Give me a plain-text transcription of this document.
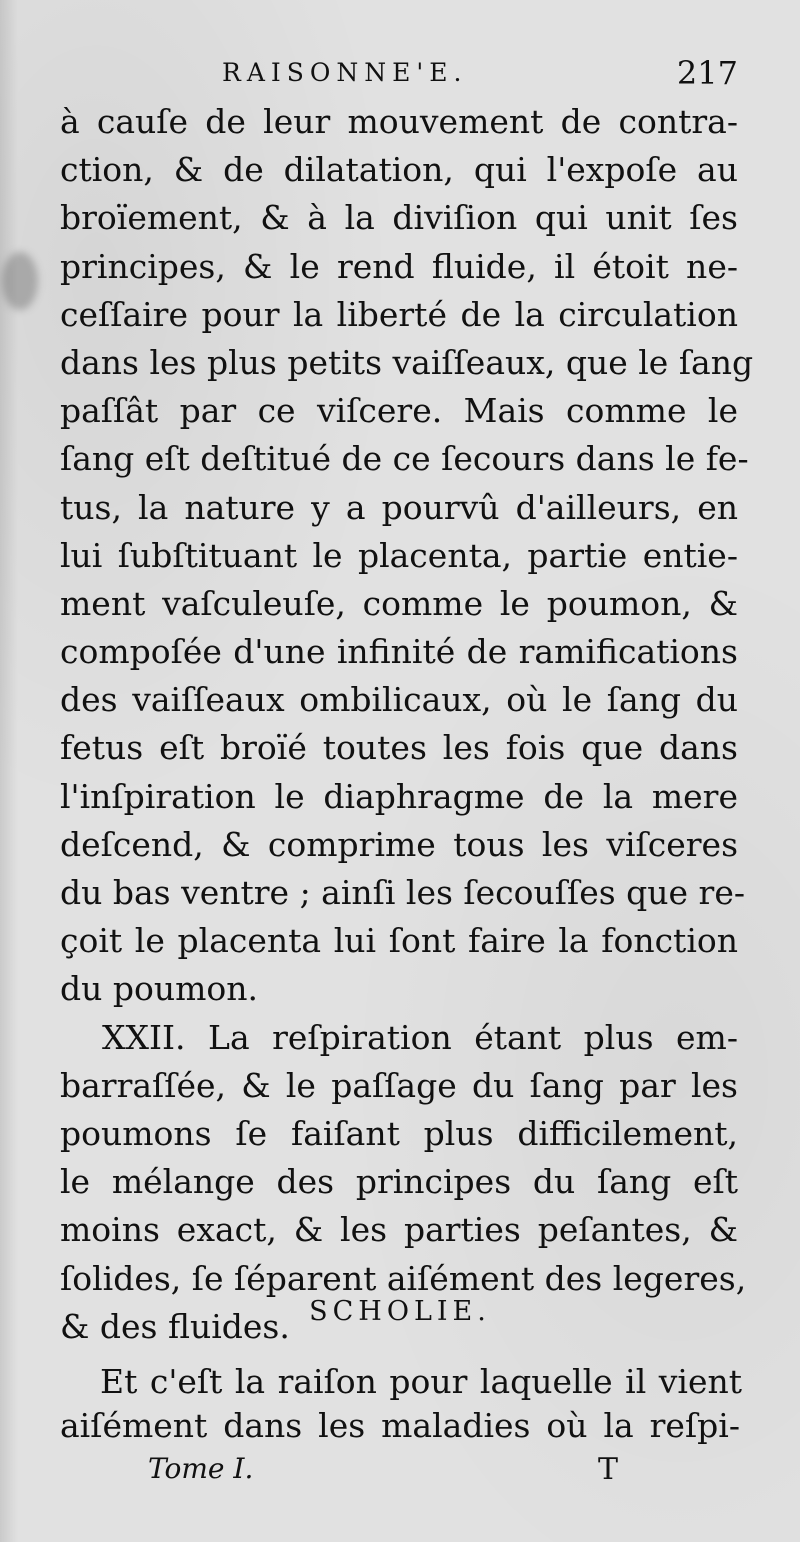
RAISONNE'E.	217
à cauſe de leur mouvement de contra-
ction, & de dilatation, qui l'expoſe au
broïement, & à la diviſion qui unit ſes
principes, & le rend fluide, il étoit ne-
ceſſaire pour la liberté de la circulation
dans les plus petits vaiſſeaux, que le ſang
paſſât par ce viſcere. Mais comme le
ſang eſt deſtitué de ce ſecours dans le fe-
tus, la nature y a pourvû d'ailleurs, en
lui ſubſtituant le placenta, partie entie-
ment vaſculeuſe, comme le poumon, &
compoſée d'une infinité de ramifications
des vaiſſeaux ombilicaux, où le ſang du
fetus eſt broïé toutes les fois que dans
l'inſpiration le diaphragme de la mere
deſcend, & comprime tous les viſceres
du bas ventre ; ainſi les ſecouſſes que re-
çoit le placenta lui ſont faire la fonction
du poumon.
XXII. La reſpiration étant plus em-
barraſſée, & le paſſage du ſang par les
poumons ſe faiſant plus difficilement,
le mélange des principes du ſang eſt
moins exact, & les parties peſantes, &
ſolides, ſe ſéparent aiſément des legeres,
& des fluides. SCHOLIE.
Et c'eſt la raiſon pour laquelle il vient
aiſément dans les maladies où la reſpi-
Tome I.	T
